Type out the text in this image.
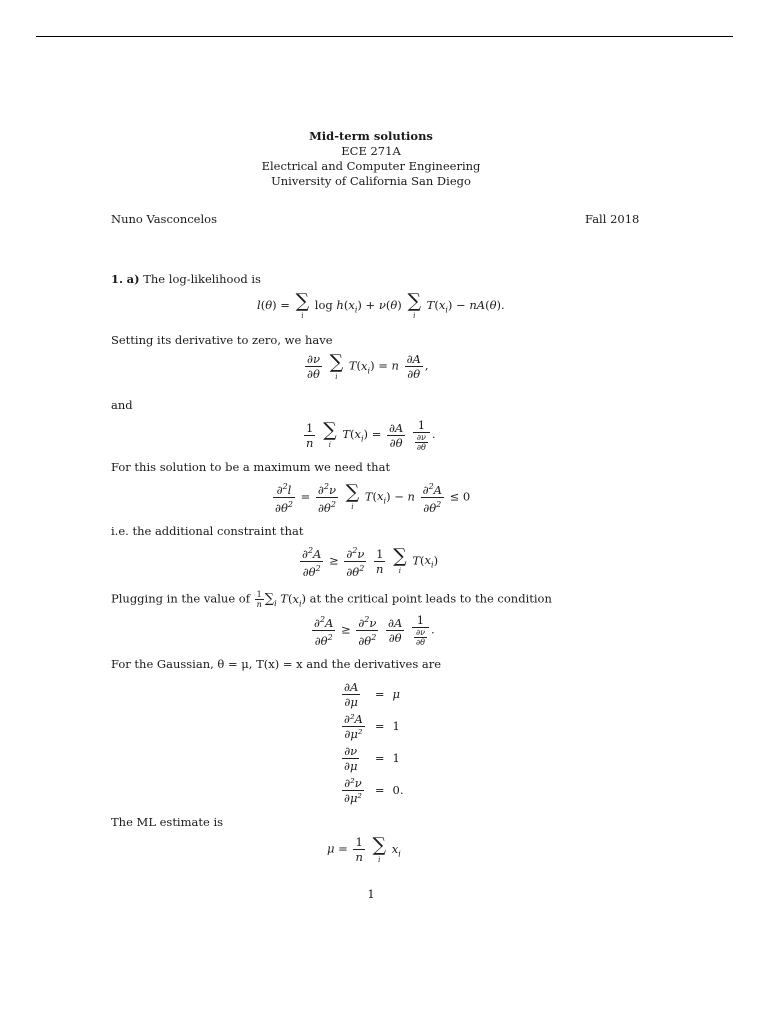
Mid-term solutions
ECE 271A
Electrical and Computer Engineering
University of California San Diego
Nuno Vasconcelos	Fall 2018
1. a) The log-likelihood is
l(θ) = ∑
i
$\log h(x_i) + \nu(\theta)$ ∑
i
$T(x_i) - nA(\theta)$.
Setting its derivative to zero, we have
$\frac{\partial\nu}{\partial\theta}$
∑
i
$T(x_i) = n \frac{\partial A}{\partial\theta}$ ,
and
$\frac{1}{n}$
∑
i
$T(x_i) = \frac{\partial A}{\partial\theta}$
1
∂ν
∂θ .
For this solution to be a maximum we need that
$\frac{\partial^2l}{\partial\theta^2} = \frac{\partial^2\nu}{\partial\theta^2}$
∑
i
$T(x_i) - n \frac{\partial^2A}{\partial\theta^2} \le 0$
i.e. the additional constraint that
$\frac{\partial^2A}{\partial\theta^2} \ge \frac{\partial^2\nu}{\partial\theta^2}$
$\frac{1}{n}$
∑
i
$T(x_i)$
Plugging in the value of $\frac{1}{n} \sum_i$ $T(x_i)$ at the critical point leads to the condition
$\frac{\partial^2A}{\partial\theta^2} \ge \frac{\partial^2\nu}{\partial\theta^2}$
$\frac{\partial A}{\partial\theta}$
1
∂ν
∂θ .
For the Gaussian, θ = μ, T(x) = x and the derivatives are
$\frac{\partial A}{\partial\mu}$	=	μ

$\frac{\text{∂²A}}{\text{∂μ²}}$	=	1

$\frac{\partial\nu}{\partial\mu}$	=	1

$\frac{\text{∂²ν}}{\text{∂μ²}}$	=	0.
The ML estimate is
$\mu = \frac{1}{n}$
∑
i
$x_i$
1
